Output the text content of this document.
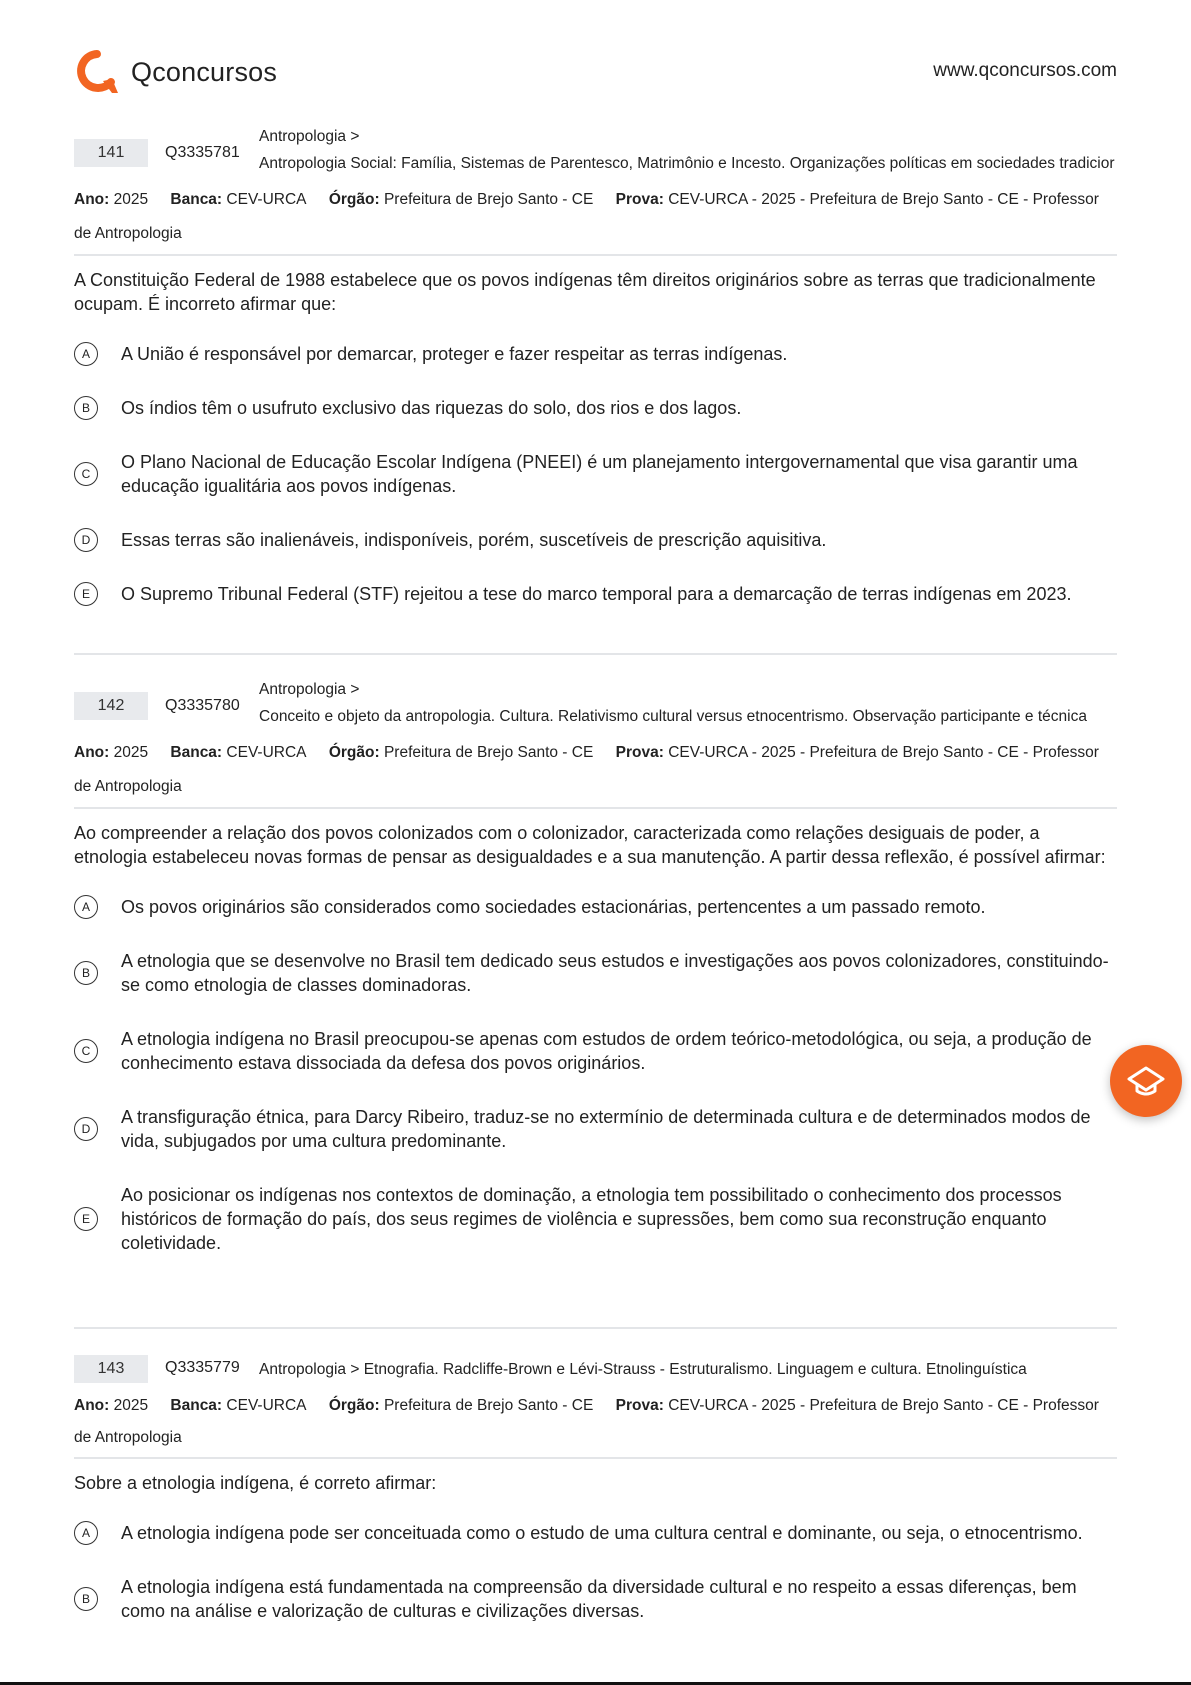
Qconcursos	www.qconcursos.com
141	Q3335781
Antropologia >
Antropologia Social: Família, Sistemas de Parentesco, Matrimônio e Incesto. Organizações políticas em sociedades tradicior
Ano: 2025 Banca: CEV-URCA Órgão: Prefeitura de Brejo Santo - CE Prova: CEV-URCA - 2025 - Prefeitura de Brejo Santo - CE - Professor de Antropologia
A Constituição Federal de 1988 estabelece que os povos indígenas têm direitos originários sobre as terras que tradicionalmente ocupam. É incorreto afirmar que:
A	A União é responsável por demarcar, proteger e fazer respeitar as terras indígenas.
B	Os índios têm o usufruto exclusivo das riquezas do solo, dos rios e dos lagos.
C
O Plano Nacional de Educação Escolar Indígena (PNEEI) é um planejamento intergovernamental que visa garantir uma educação igualitária aos povos indígenas.
D	Essas terras são inalienáveis, indisponíveis, porém, suscetíveis de prescrição aquisitiva.
E	O Supremo Tribunal Federal (STF) rejeitou a tese do marco temporal para a demarcação de terras indígenas em 2023.
142	Q3335780
Antropologia >
Conceito e objeto da antropologia. Cultura. Relativismo cultural versus etnocentrismo. Observação participante e técnica
Ano: 2025 Banca: CEV-URCA Órgão: Prefeitura de Brejo Santo - CE Prova: CEV-URCA - 2025 - Prefeitura de Brejo Santo - CE - Professor de Antropologia
Ao compreender a relação dos povos colonizados com o colonizador, caracterizada como relações desiguais de poder, a etnologia estabeleceu novas formas de pensar as desigualdades e a sua manutenção. A partir dessa reflexão, é possível afirmar:
A	Os povos originários são considerados como sociedades estacionárias, pertencentes a um passado remoto.
B
A etnologia que se desenvolve no Brasil tem dedicado seus estudos e investigações aos povos colonizadores, constituindo-se como etnologia de classes dominadoras.
C
A etnologia indígena no Brasil preocupou-se apenas com estudos de ordem teórico-metodológica, ou seja, a produção de conhecimento estava dissociada da defesa dos povos originários.
D
A transfiguração étnica, para Darcy Ribeiro, traduz-se no extermínio de determinada cultura e de determinados modos de vida, subjugados por uma cultura predominante.
E
Ao posicionar os indígenas nos contextos de dominação, a etnologia tem possibilitado o conhecimento dos processos históricos de formação do país, dos seus regimes de violência e supressões, bem como sua reconstrução enquanto coletividade.
143	Q3335779 Antropologia > Etnografia. Radcliffe-Brown e Lévi-Strauss - Estruturalismo. Linguagem e cultura. Etnolinguística
Ano: 2025 Banca: CEV-URCA Órgão: Prefeitura de Brejo Santo - CE Prova: CEV-URCA - 2025 - Prefeitura de Brejo Santo - CE - Professor de Antropologia
Sobre a etnologia indígena, é correto afirmar:
A	A etnologia indígena pode ser conceituada como o estudo de uma cultura central e dominante, ou seja, o etnocentrismo.
B
A etnologia indígena está fundamentada na compreensão da diversidade cultural e no respeito a essas diferenças, bem como na análise e valorização de culturas e civilizações diversas.
